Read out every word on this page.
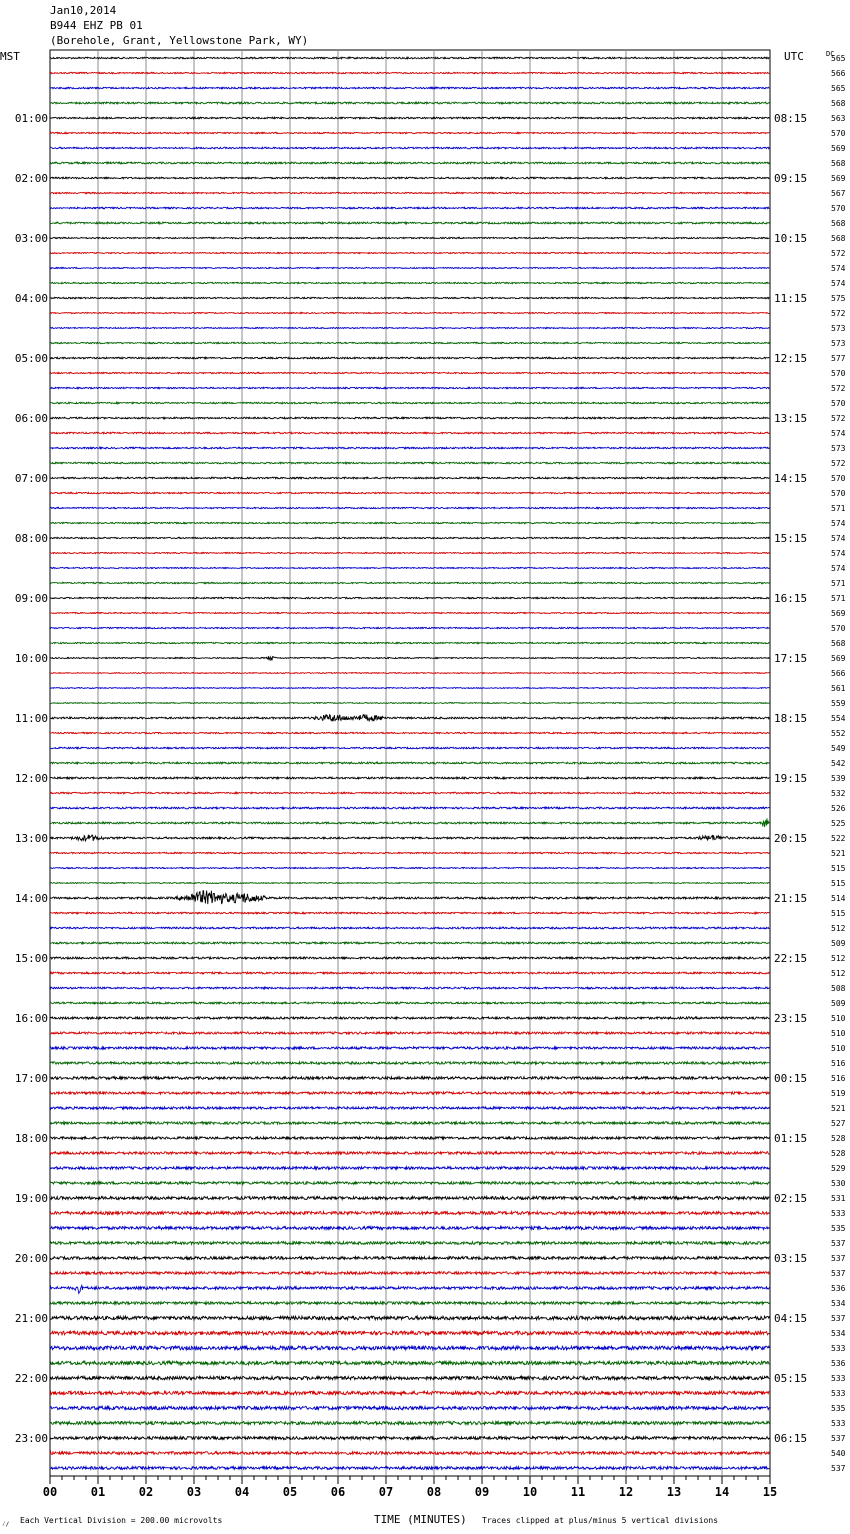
565
566
565
568
563
570
569
568
569
567
570
568
568
572
574
574
575
572
573
573
577
570
572
570
572
574
573
572
570
570
571
574
574
574
574
571
571
569
570
568
569
566
561
559
554
552
549
542
539
532
526
525
522
521
515
515
514
515
512
509
512
512
508
509
510
510
510
516
516
519
521
527
528
528
529
530
531
533
535
537
537
537
536
534
537
534
533
536
533
533
535
533
537
540
537
01:00
02:00
03:00
04:00
05:00
06:00
07:00
08:00
09:00
10:00
11:00
12:00
13:00
14:00
15:00
16:00
17:00
18:00
19:00
20:00
21:00
22:00
23:00
08:15
09:15
10:15
11:15
12:15
13:15
14:15
15:15
16:15
17:15
18:15
19:15
20:15
21:15
22:15
23:15
00:15
01:15
02:15
03:15
04:15
05:15
06:15
MST	UTC	DC
00	01	02	03	04	05	06	07	08	09	10	11	12	13	14	15
⁄∕ Each Vertical Division = 200.00 microvolts	TIME (MINUTES) Traces clipped at plus/minus 5 vertical divisions
Jan10,2014
B944 EHZ PB 01
(Borehole, Grant, Yellowstone Park, WY)
